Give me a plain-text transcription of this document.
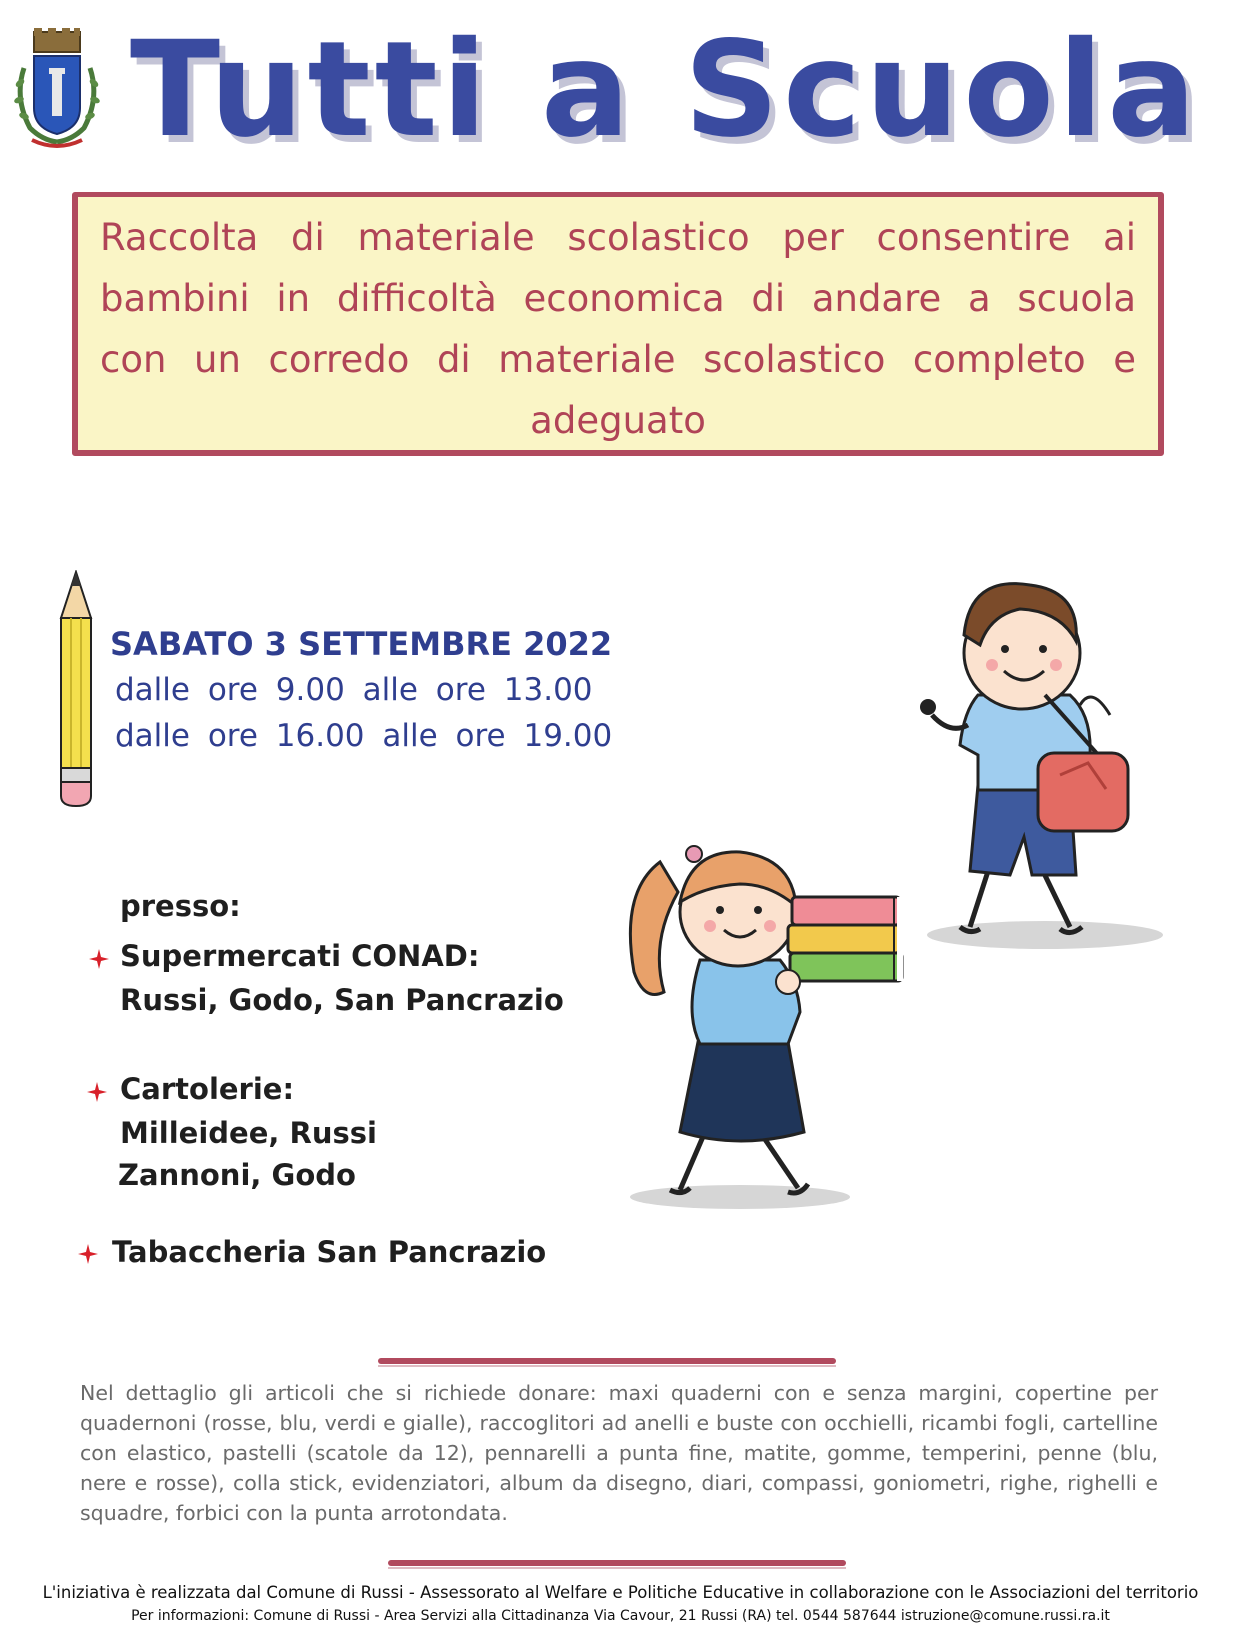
Tutti a Scuola

Raccolta di materiale scolastico per consentire ai bambini in difficoltà economica di andare a scuola con un corredo di materiale scolastico completo e adeguato

SABATO 3 SETTEMBRE 2022
dalle ore 9.00 alle ore 13.00
dalle ore 16.00 alle ore 19.00
presso:
Supermercati CONAD:
Russi, Godo, San Pancrazio
Cartolerie:
Milleidee, Russi
Zannoni, Godo
Tabaccheria San Pancrazio

Nel dettaglio gli articoli che si richiede donare: maxi quaderni con e senza margini, copertine per quadernoni (rosse, blu, verdi e gialle), raccoglitori ad anelli e buste con occhielli, ricambi fogli, cartelline con elastico, pastelli (scatole da 12), pennarelli a punta fine, matite, gomme, temperini, penne (blu, nere e rosse), colla stick, evidenziatori, album da disegno, diari, compassi, goniometri, righe, righelli e squadre, forbici con la punta arrotondata.

L'iniziativa è realizzata dal Comune di Russi - Assessorato al Welfare e Politiche Educative in collaborazione con le Associazioni del territorio
Per informazioni: Comune di Russi - Area Servizi alla Cittadinanza Via Cavour, 21 Russi (RA) tel. 0544 587644 istruzione@comune.russi.ra.it
